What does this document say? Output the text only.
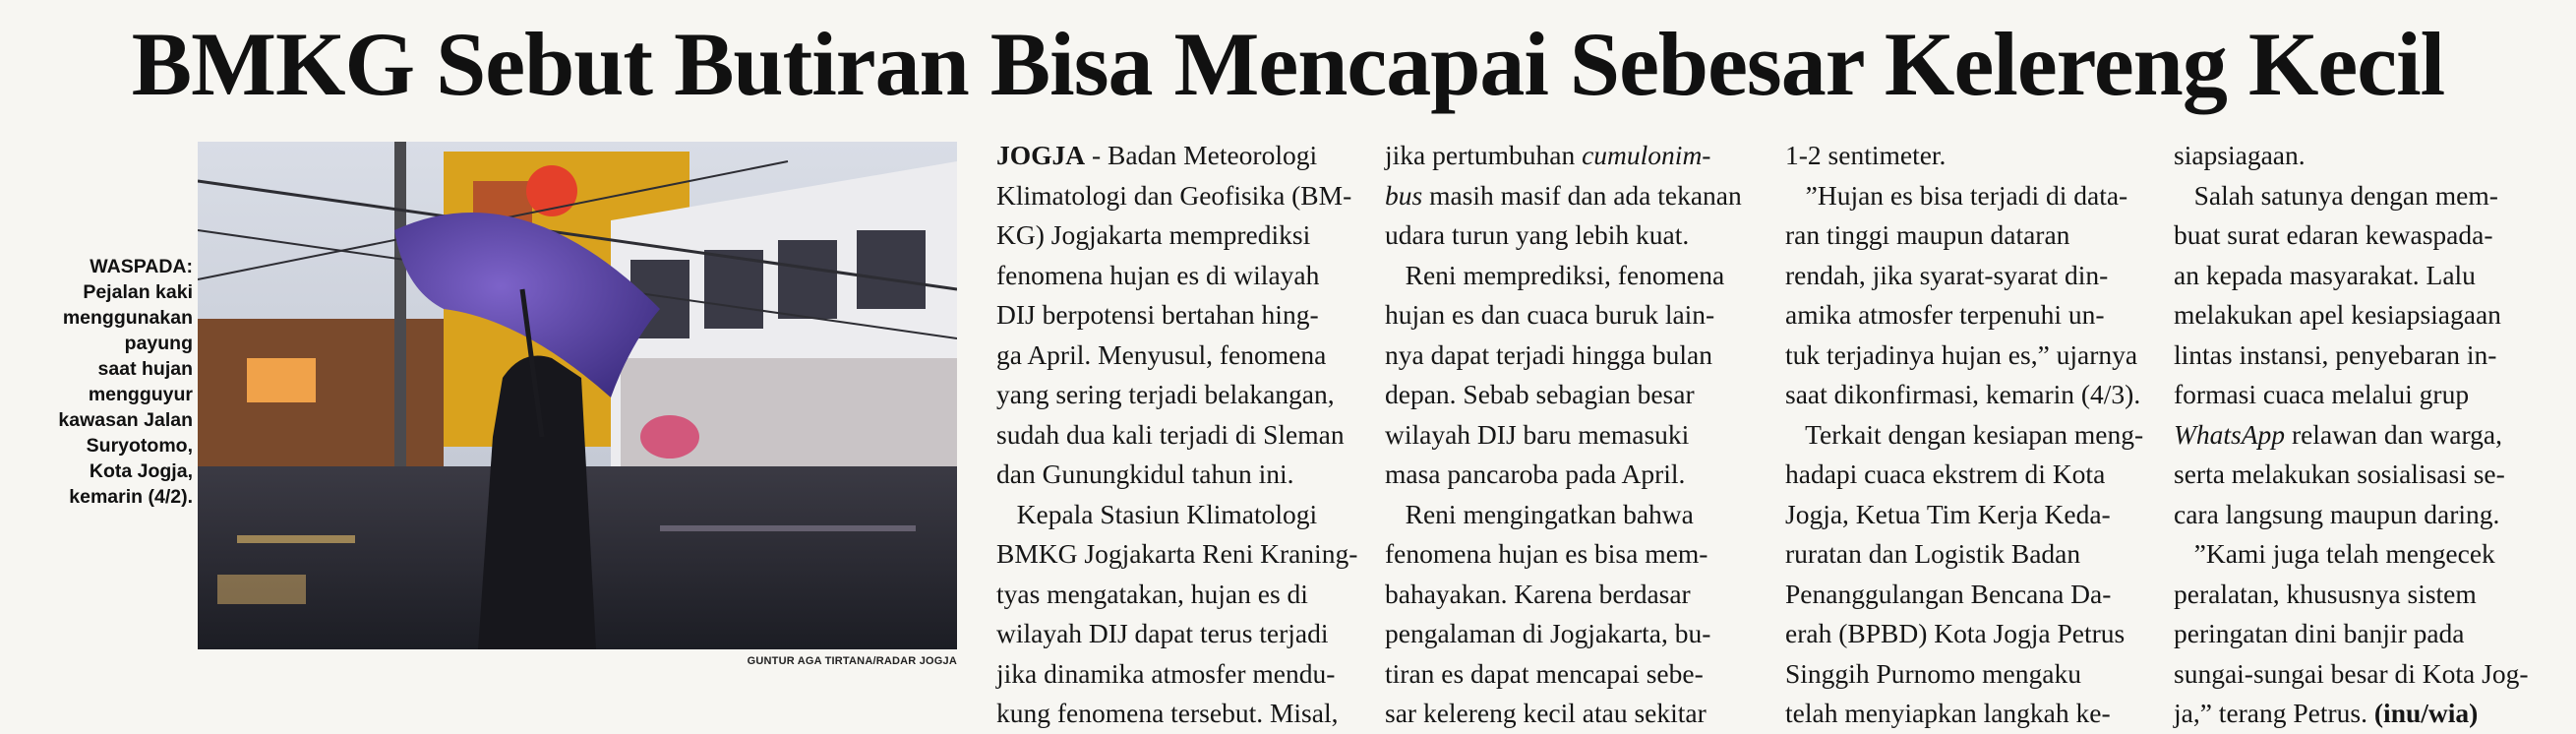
BMKG Sebut Butiran Bisa Mencapai Sebesar Kelereng Kecil
WASPADA:
Pejalan kaki
menggunakan
payung
saat hujan
mengguyur
kawasan Jalan
Suryotomo,
Kota Jogja,
kemarin (4/2).
GUNTUR AGA TIRTANA/RADAR JOGJA
JOGJA - Badan Meteorologi
Klimatologi dan Geofisika (BM-
KG) Jogjakarta memprediksi
fenomena hujan es di wilayah
DIJ berpotensi bertahan hing-
ga April. Menyusul, fenomena
yang sering terjadi belakangan,
sudah dua kali terjadi di Sleman
dan Gunungkidul tahun ini.
Kepala Stasiun Klimatologi
BMKG Jogjakarta Reni Kraning-
tyas mengatakan, hujan es di
wilayah DIJ dapat terus terjadi
jika dinamika atmosfer mendu-
kung fenomena tersebut. Misal,
jika pertumbuhan cumulonim-
bus masih masif dan ada tekanan
udara turun yang lebih kuat.
Reni memprediksi, fenomena
hujan es dan cuaca buruk lain-
nya dapat terjadi hingga bulan
depan. Sebab sebagian besar
wilayah DIJ baru memasuki
masa pancaroba pada April.
Reni mengingatkan bahwa
fenomena hujan es bisa mem-
bahayakan. Karena berdasar
pengalaman di Jogjakarta, bu-
tiran es dapat mencapai sebe-
sar kelereng kecil atau sekitar
1-2 sentimeter.
”Hujan es bisa terjadi di data-
ran tinggi maupun dataran
rendah, jika syarat-syarat din-
amika atmosfer terpenuhi un-
tuk terjadinya hujan es,” ujarnya
saat dikonfirmasi, kemarin (4/3).
Terkait dengan kesiapan meng-
hadapi cuaca ekstrem di Kota
Jogja, Ketua Tim Kerja Keda-
ruratan dan Logistik Badan
Penanggulangan Bencana Da-
erah (BPBD) Kota Jogja Petrus
Singgih Purnomo mengaku
telah menyiapkan langkah ke-
siapsiagaan.
Salah satunya dengan mem-
buat surat edaran kewaspada-
an kepada masyarakat. Lalu
melakukan apel kesiapsiagaan
lintas instansi, penyebaran in-
formasi cuaca melalui grup
WhatsApp relawan dan warga,
serta melakukan sosialisasi se-
cara langsung maupun daring.
”Kami juga telah mengecek
peralatan, khususnya sistem
peringatan dini banjir pada
sungai-sungai besar di Kota Jog-
ja,” terang Petrus. (inu/wia)
